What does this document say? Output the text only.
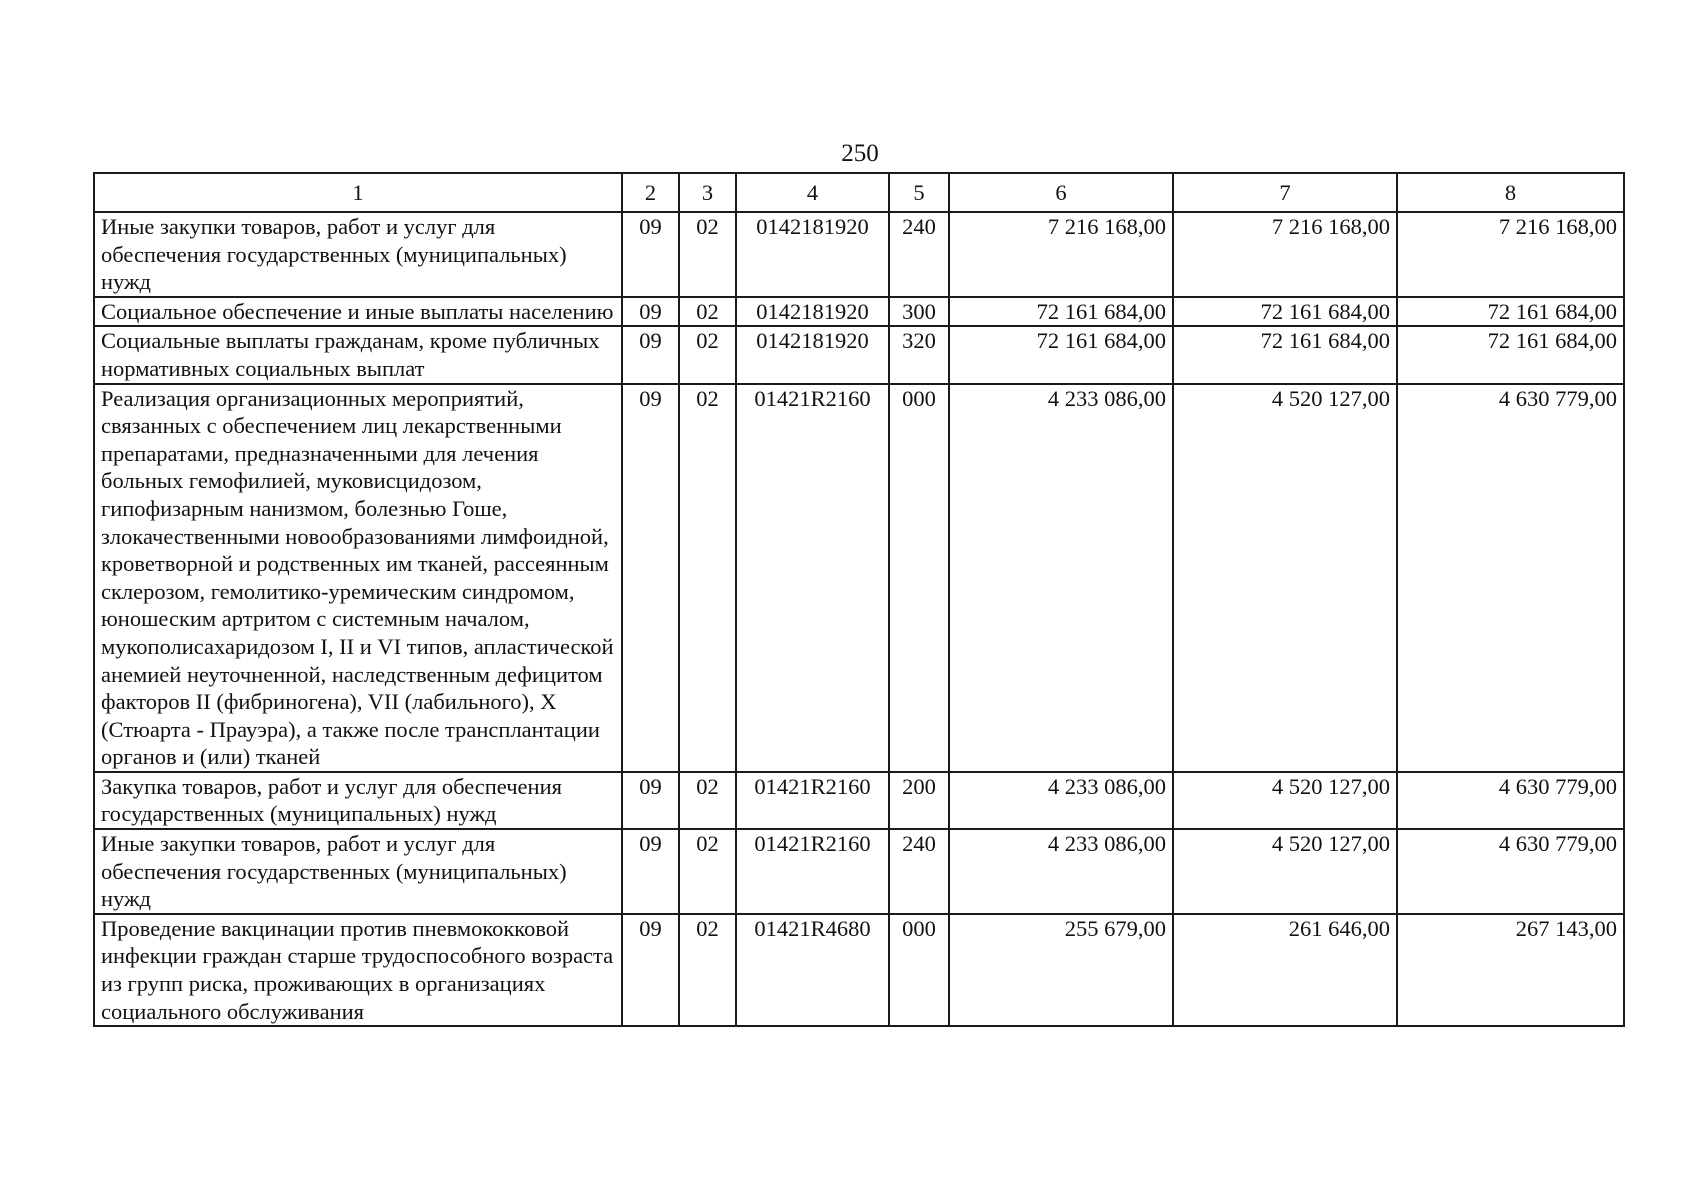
250
1	2	3	4	5	6	7	8
Иные закупки товаров, работ и услуг для обеспечения государственных (муниципальных) нужд	09	02	0142181920	240	7 216 168,00	7 216 168,00	7 216 168,00
Социальное обеспечение и иные выплаты населению	09	02	0142181920	300	72 161 684,00	72 161 684,00	72 161 684,00
Социальные выплаты гражданам, кроме публичных нормативных социальных выплат	09	02	0142181920	320	72 161 684,00	72 161 684,00	72 161 684,00
Реализация организационных мероприятий, связанных с обеспечением лиц лекарственными препаратами, предназначенными для лечения больных гемофилией, муковисцидозом, гипофизарным нанизмом, болезнью Гоше, злокачественными новообразованиями лимфоидной, кроветворной и родственных им тканей, рассеянным склерозом, гемолитико-уремическим синдромом, юношеским артритом с системным началом, мукополисахаридозом I, II и VI типов, апластической анемией неуточненной, наследственным дефицитом факторов II (фибриногена), VII (лабильного), X (Стюарта - Прауэра), а также после трансплантации органов и (или) тканей	09	02	01421R2160	000	4 233 086,00	4 520 127,00	4 630 779,00
Закупка товаров, работ и услуг для обеспечения государственных (муниципальных) нужд	09	02	01421R2160	200	4 233 086,00	4 520 127,00	4 630 779,00
Иные закупки товаров, работ и услуг для обеспечения государственных (муниципальных) нужд	09	02	01421R2160	240	4 233 086,00	4 520 127,00	4 630 779,00
Проведение вакцинации против пневмококковой инфекции граждан старше трудоспособного возраста из групп риска, проживающих в организациях социального обслуживания	09	02	01421R4680	000	255 679,00	261 646,00	267 143,00
